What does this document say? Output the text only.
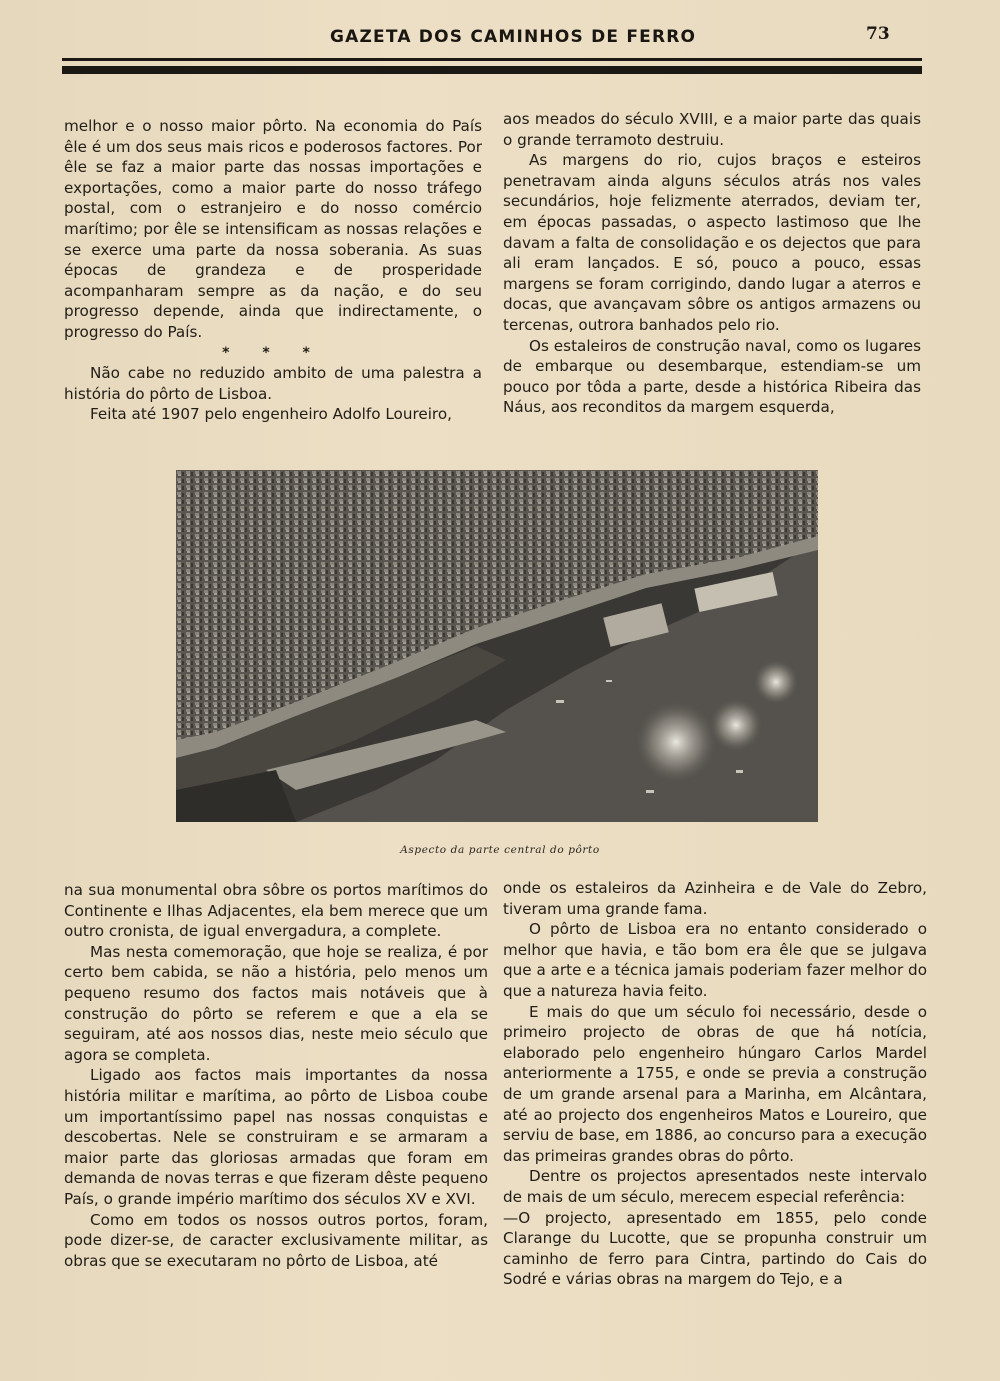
GAZETA DOS CAMINHOS DE FERRO	73

melhor e o nosso maior pôrto. Na economia do País êle é um dos seus mais ricos e poderosos factores. Por êle se faz a maior parte das nossas importações e exportações, como a maior parte do nosso tráfego postal, com o estranjeiro e do nosso comércio marítimo; por êle se intensificam as nossas relações e se exerce uma parte da nossa soberania. As suas épocas de grandeza e de prosperidade acompanharam sempre as da nação, e do seu progresso depende, ainda que indirectamente, o progresso do País.

* * *

Não cabe no reduzido ambito de uma palestra a história do pôrto de Lisboa.

Feita até 1907 pelo engenheiro Adolfo Loureiro,

aos meados do século XVIII, e a maior parte das quais o grande terramoto destruiu.

As margens do rio, cujos braços e esteiros penetravam ainda alguns séculos atrás nos vales secundários, hoje felizmente aterrados, deviam ter, em épocas passadas, o aspecto lastimoso que lhe davam a falta de consolidação e os dejectos que para ali eram lançados. E só, pouco a pouco, essas margens se foram corrigindo, dando lugar a aterros e docas, que avançavam sôbre os antigos armazens ou tercenas, outrora banhados pelo rio.

Os estaleiros de construção naval, como os lugares de embarque ou desembarque, estendiam-se um pouco por tôda a parte, desde a histórica Ribeira das Náus, aos reconditos da margem esquerda,

Aspecto da parte central do pôrto

na sua monumental obra sôbre os portos marítimos do Continente e Ilhas Adjacentes, ela bem merece que um outro cronista, de igual envergadura, a complete.

Mas nesta comemoração, que hoje se realiza, é por certo bem cabida, se não a história, pelo menos um pequeno resumo dos factos mais notáveis que à construção do pôrto se referem e que a ela se seguiram, até aos nossos dias, neste meio século que agora se completa.

Ligado aos factos mais importantes da nossa história militar e marítima, ao pôrto de Lisboa coube um importantíssimo papel nas nossas conquistas e descobertas. Nele se construiram e se armaram a maior parte das gloriosas armadas que foram em demanda de novas terras e que fizeram dêste pequeno País, o grande império marítimo dos séculos XV e XVI.

Como em todos os nossos outros portos, foram, pode dizer-se, de caracter exclusivamente militar, as obras que se executaram no pôrto de Lisboa, até

onde os estaleiros da Azinheira e de Vale do Zebro, tiveram uma grande fama.

O pôrto de Lisboa era no entanto considerado o melhor que havia, e tão bom era êle que se julgava que a arte e a técnica jamais poderiam fazer melhor do que a natureza havia feito.

E mais do que um século foi necessário, desde o primeiro projecto de obras de que há notícia, elaborado pelo engenheiro húngaro Carlos Mardel anteriormente a 1755, e onde se previa a construção de um grande arsenal para a Marinha, em Alcântara, até ao projecto dos engenheiros Matos e Loureiro, que serviu de base, em 1886, ao concurso para a execução das primeiras grandes obras do pôrto.

Dentre os projectos apresentados neste intervalo de mais de um século, merecem especial referência:

—O projecto, apresentado em 1855, pelo conde Clarange du Lucotte, que se propunha construir um caminho de ferro para Cintra, partindo do Cais do Sodré e várias obras na margem do Tejo, e a
